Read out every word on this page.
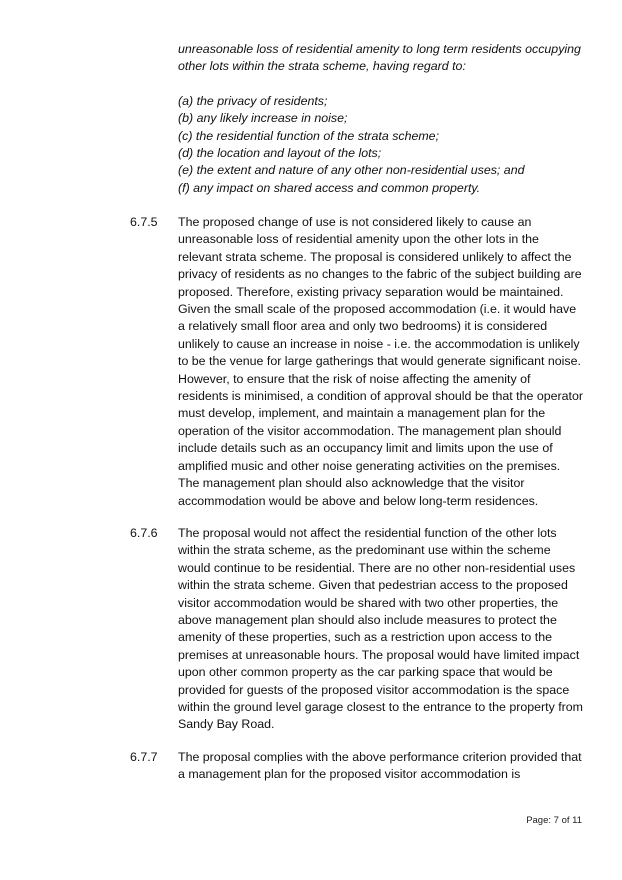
unreasonable loss of residential amenity to long term residents occupying other lots within the strata scheme, having regard to:

(a) the privacy of residents;
(b) any likely increase in noise;
(c) the residential function of the strata scheme;
(d) the location and layout of the lots;
(e) the extent and nature of any other non-residential uses; and
(f) any impact on shared access and common property.
6.7.5	The proposed change of use is not considered likely to cause an unreasonable loss of residential amenity upon the other lots in the relevant strata scheme. The proposal is considered unlikely to affect the privacy of residents as no changes to the fabric of the subject building are proposed. Therefore, existing privacy separation would be maintained. Given the small scale of the proposed accommodation (i.e. it would have a relatively small floor area and only two bedrooms) it is considered unlikely to cause an increase in noise - i.e. the accommodation is unlikely to be the venue for large gatherings that would generate significant noise. However, to ensure that the risk of noise affecting the amenity of residents is minimised, a condition of approval should be that the operator must develop, implement, and maintain a management plan for the operation of the visitor accommodation. The management plan should include details such as an occupancy limit and limits upon the use of amplified music and other noise generating activities on the premises. The management plan should also acknowledge that the visitor accommodation would be above and below long-term residences.

6.7.6	The proposal would not affect the residential function of the other lots within the strata scheme, as the predominant use within the scheme would continue to be residential. There are no other non-residential uses within the strata scheme. Given that pedestrian access to the proposed visitor accommodation would be shared with two other properties, the above management plan should also include measures to protect the amenity of these properties, such as a restriction upon access to the premises at unreasonable hours. The proposal would have limited impact upon other common property as the car parking space that would be provided for guests of the proposed visitor accommodation is the space within the ground level garage closest to the entrance to the property from Sandy Bay Road.

6.7.7	The proposal complies with the above performance criterion provided that a management plan for the proposed visitor accommodation is

Page: 7 of 11
